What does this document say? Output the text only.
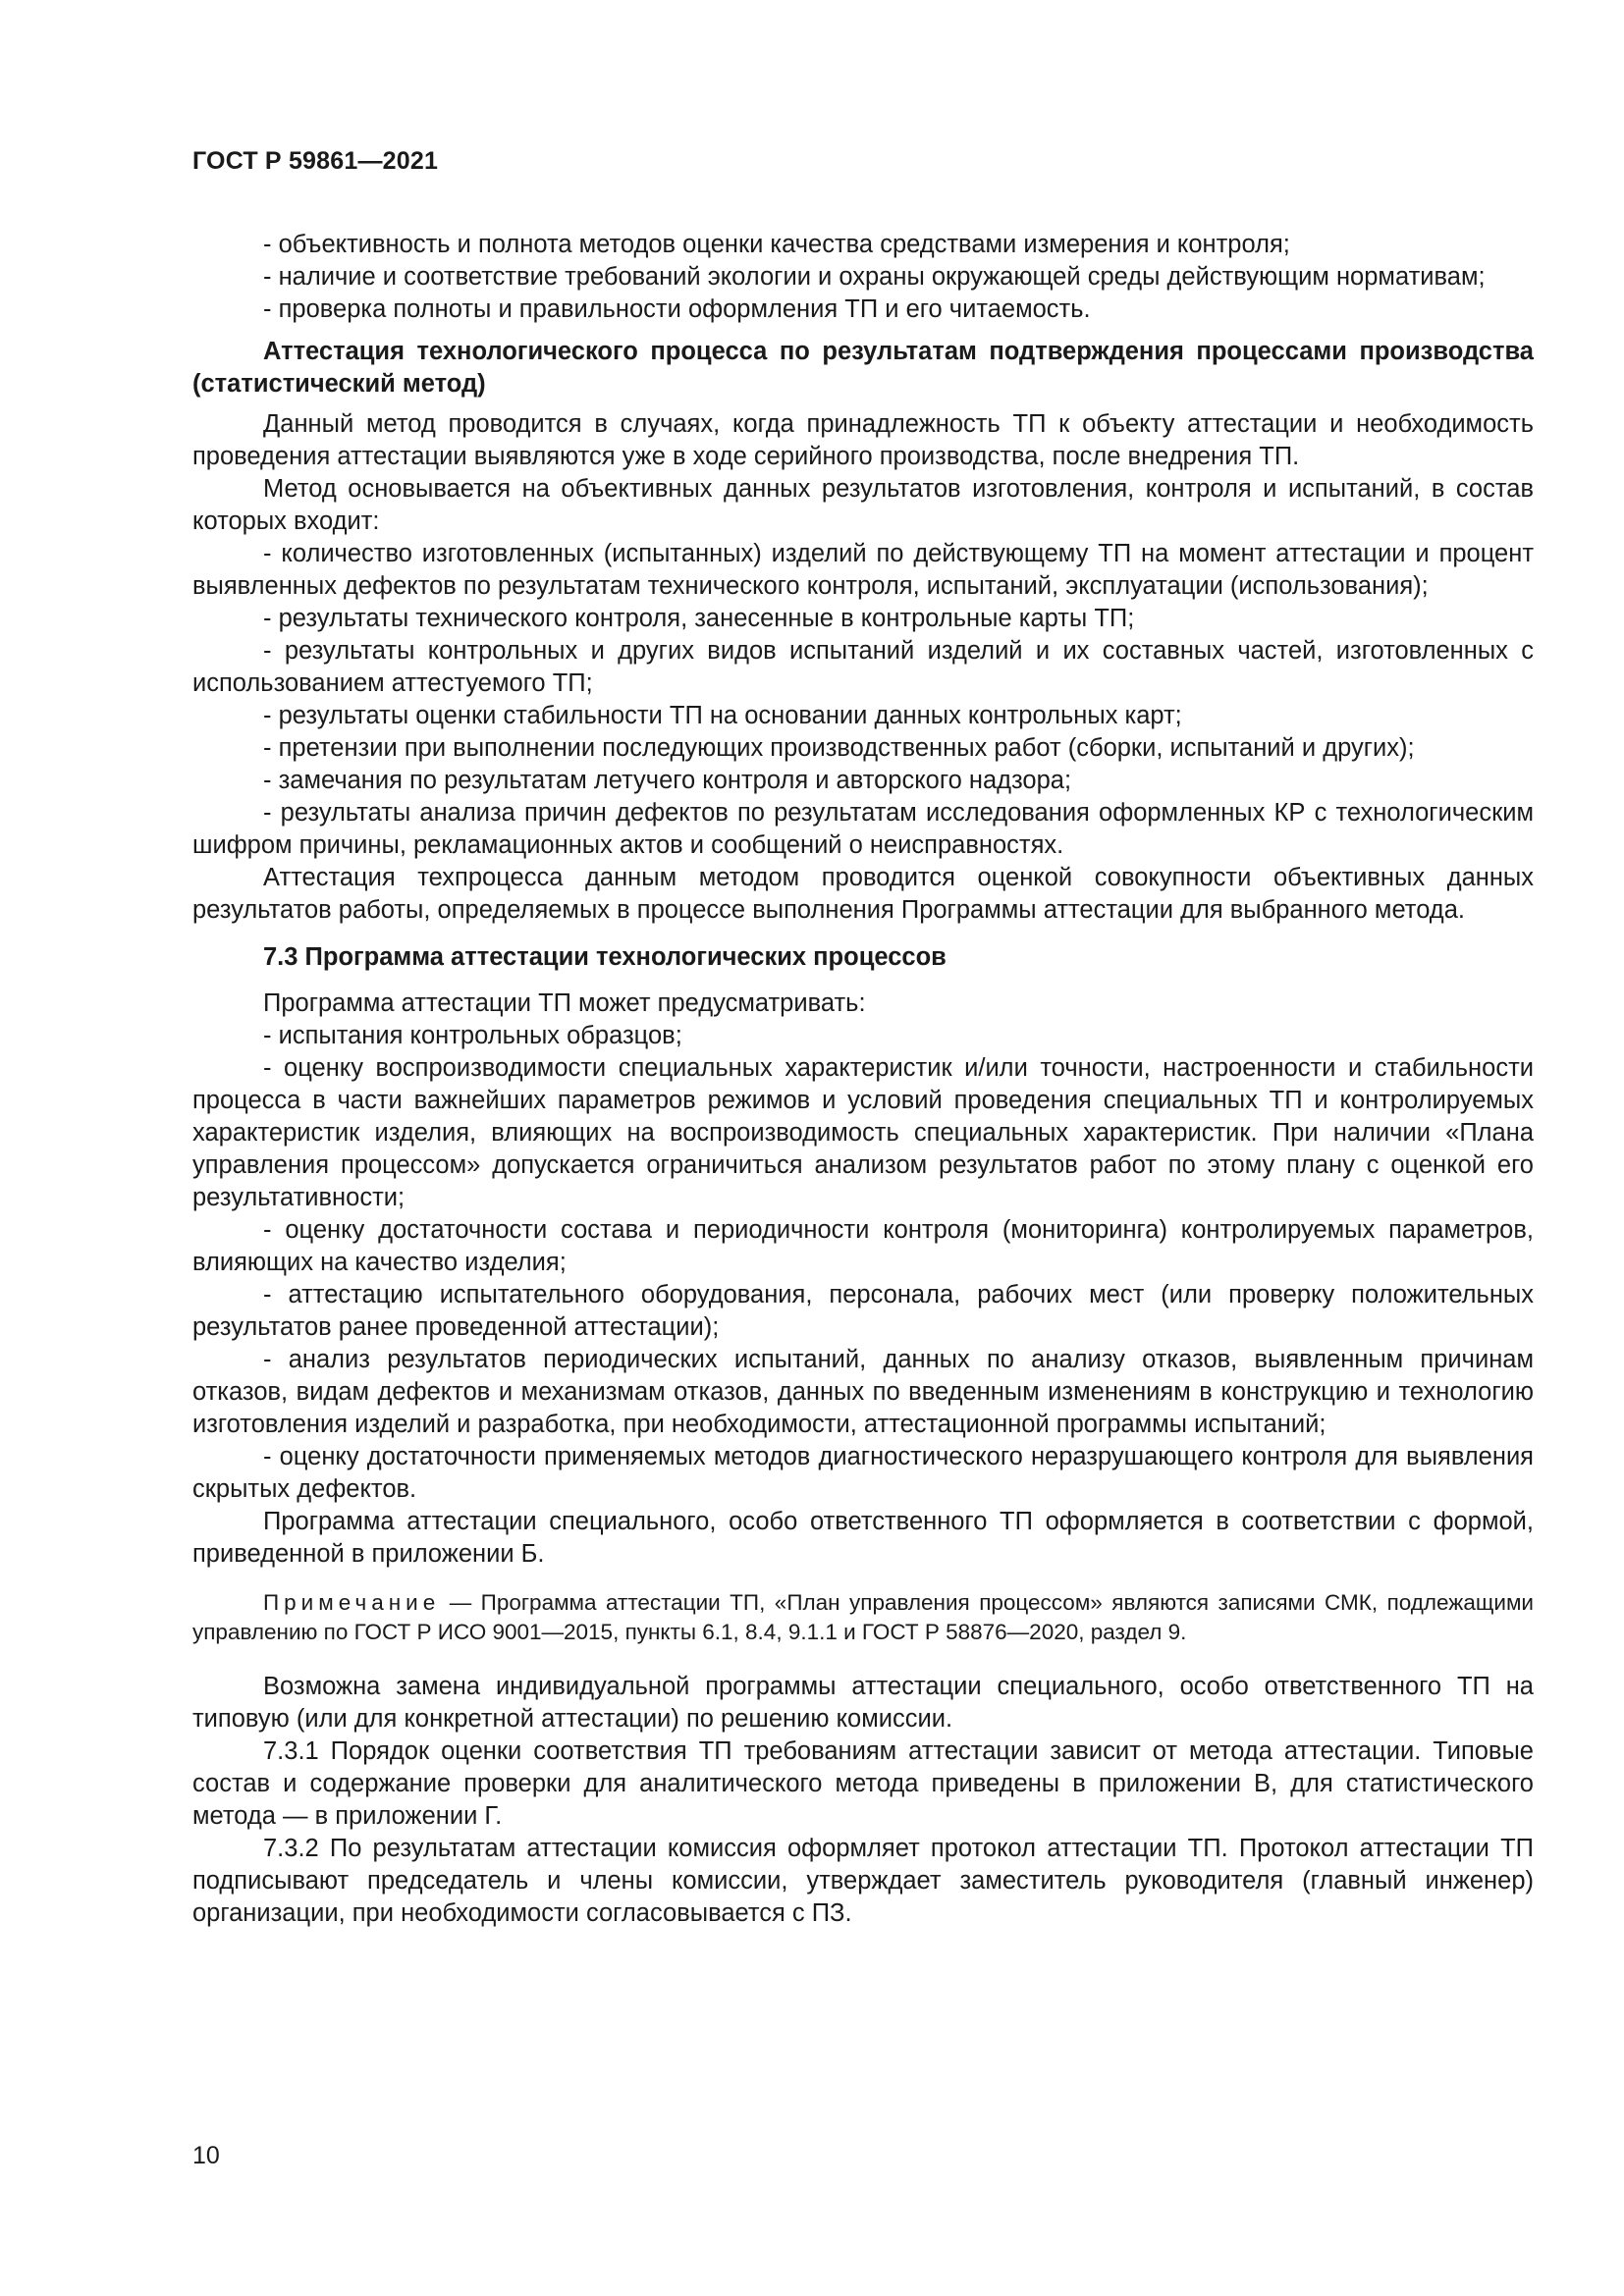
ГОСТ Р 59861—2021

- объективность и полнота методов оценки качества средствами измерения и контроля;

- наличие и соответствие требований экологии и охраны окружающей среды действующим нормативам;

- проверка полноты и правильности оформления ТП и его читаемость.

Аттестация технологического процесса по результатам подтверждения процессами производства (статистический метод)

Данный метод проводится в случаях, когда принадлежность ТП к объекту аттестации и необходимость проведения аттестации выявляются уже в ходе серийного производства, после внедрения ТП.

Метод основывается на объективных данных результатов изготовления, контроля и испытаний, в состав которых входит:

- количество изготовленных (испытанных) изделий по действующему ТП на момент аттестации и процент выявленных дефектов по результатам технического контроля, испытаний, эксплуатации (использования);

- результаты технического контроля, занесенные в контрольные карты ТП;

- результаты контрольных и других видов испытаний изделий и их составных частей, изготовленных с использованием аттестуемого ТП;

- результаты оценки стабильности ТП на основании данных контрольных карт;

- претензии при выполнении последующих производственных работ (сборки, испытаний и других);

- замечания по результатам летучего контроля и авторского надзора;

- результаты анализа причин дефектов по результатам исследования оформленных КР с технологическим шифром причины, рекламационных актов и сообщений о неисправностях.

Аттестация техпроцесса данным методом проводится оценкой совокупности объективных данных результатов работы, определяемых в процессе выполнения Программы аттестации для выбранного метода.

7.3 Программа аттестации технологических процессов

Программа аттестации ТП может предусматривать:

- испытания контрольных образцов;

- оценку воспроизводимости специальных характеристик и/или точности, настроенности и стабильности процесса в части важнейших параметров режимов и условий проведения специальных ТП и контролируемых характеристик изделия, влияющих на воспроизводимость специальных характеристик. При наличии «Плана управления процессом» допускается ограничиться анализом результатов работ по этому плану с оценкой его результативности;

- оценку достаточности состава и периодичности контроля (мониторинга) контролируемых параметров, влияющих на качество изделия;

- аттестацию испытательного оборудования, персонала, рабочих мест (или проверку положительных результатов ранее проведенной аттестации);

- анализ результатов периодических испытаний, данных по анализу отказов, выявленным причинам отказов, видам дефектов и механизмам отказов, данных по введенным изменениям в конструкцию и технологию изготовления изделий и разработка, при необходимости, аттестационной программы испытаний;

- оценку достаточности применяемых методов диагностического неразрушающего контроля для выявления скрытых дефектов.

Программа аттестации специального, особо ответственного ТП оформляется в соответствии с формой, приведенной в приложении Б.

Примечание — Программа аттестации ТП, «План управления процессом» являются записями СМК, подлежащими управлению по ГОСТ Р ИСО 9001—2015, пункты 6.1, 8.4, 9.1.1 и ГОСТ Р 58876—2020, раздел 9.

Возможна замена индивидуальной программы аттестации специального, особо ответственного ТП на типовую (или для конкретной аттестации) по решению комиссии.

7.3.1 Порядок оценки соответствия ТП требованиям аттестации зависит от метода аттестации. Типовые состав и содержание проверки для аналитического метода приведены в приложении В, для статистического метода — в приложении Г.

7.3.2 По результатам аттестации комиссия оформляет протокол аттестации ТП. Протокол аттестации ТП подписывают председатель и члены комиссии, утверждает заместитель руководителя (главный инженер) организации, при необходимости согласовывается с ПЗ.

10
